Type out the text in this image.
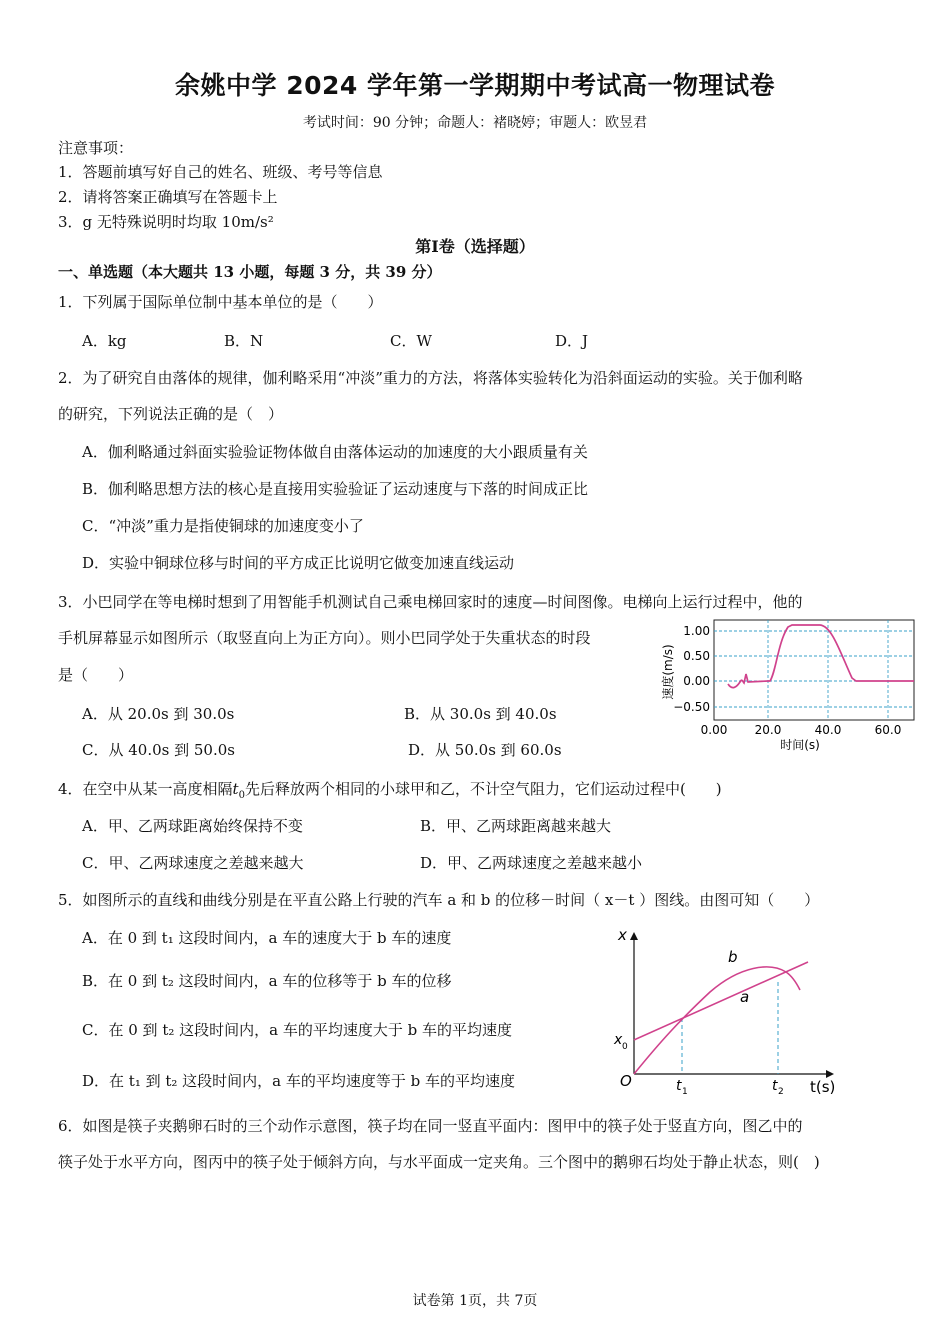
余姚中学 2024 学年第一学期期中考试高一物理试卷
考试时间：90 分钟；命题人：褚晓婷；审题人：欧昱君
注意事项：
1．答题前填写好自己的姓名、班级、考号等信息
2．请将答案正确填写在答题卡上
3．g 无特殊说明时均取 10m/s²
第Ⅰ卷（选择题）
一、单选题（本大题共 13 小题，每题 3 分，共 39 分）
1．下列属于国际单位制中基本单位的是（　　）
A．kg	B．N	C．W	D．J
2．为了研究自由落体的规律，伽利略采用“冲淡”重力的方法，将落体实验转化为沿斜面运动的实验。关于伽利略
的研究，下列说法正确的是（　）
A．伽利略通过斜面实验验证物体做自由落体运动的加速度的大小跟质量有关
B．伽利略思想方法的核心是直接用实验验证了运动速度与下落的时间成正比
C．“冲淡”重力是指使铜球的加速度变小了
D．实验中铜球位移与时间的平方成正比说明它做变加速直线运动
3．小巴同学在等电梯时想到了用智能手机测试自己乘电梯回家时的速度—时间图像。电梯向上运行过程中，他的
手机屏幕显示如图所示（取竖直向上为正方向）。则小巴同学处于失重状态的时段
是（　　）
A．从 20.0s 到 30.0s	B．从 30.0s 到 40.0s
C．从 40.0s 到 50.0s	D．从 50.0s 到 60.0s
1.00
0.50
0.00
−0.50
0.00 20.0	40.0	60.0
时间(s)
速度(m/s)
4．在空中从某一高度相隔$t_0$先后释放两个相同的小球甲和乙，不计空气阻力，它们运动过程中(　　)
A．甲、乙两球距离始终保持不变	B．甲、乙两球距离越来越大
C．甲、乙两球速度之差越来越大	D．甲、乙两球速度之差越来越小
5．如图所示的直线和曲线分别是在平直公路上行驶的汽车 a 和 b 的位移－时间（ x－t ）图线。由图可知（　　）
A．在 0 到 t₁ 这段时间内，a 车的速度大于 b 车的速度
B．在 0 到 t₂ 这段时间内，a 车的位移等于 b 车的位移
C．在 0 到 t₂ 这段时间内，a 车的平均速度大于 b 车的平均速度
D．在 t₁ 到 t₂ 这段时间内，a 车的平均速度等于 b 车的平均速度
x
t(s)
O
x 0
t 1	t 2
b
a
6．如图是筷子夹鹅卵石时的三个动作示意图，筷子均在同一竖直平面内：图甲中的筷子处于竖直方向，图乙中的
筷子处于水平方向，图丙中的筷子处于倾斜方向，与水平面成一定夹角。三个图中的鹅卵石均处于静止状态，则(　)
试卷第 1页，共 7页
